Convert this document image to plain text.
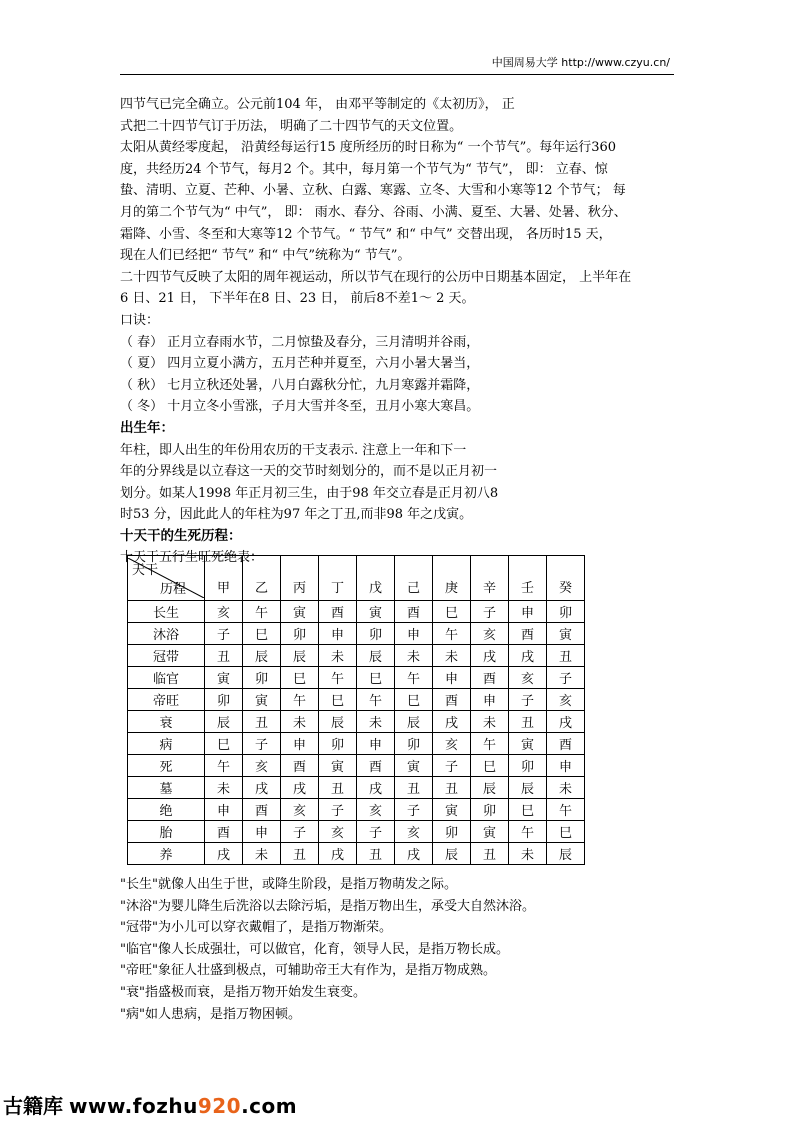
中国周易大学 http://www.czyu.cn/
四节气已完全确立。公元前104 年， 由邓平等制定的《太初历》， 正
式把二十四节气订于历法， 明确了二十四节气的天文位置。
太阳从黄经零度起， 沿黄经每运行15 度所经历的时日称为“ 一个节气”。每年运行360
度，共经历24 个节气，每月2 个。其中，每月第一个节气为“ 节气”， 即： 立春、惊
蛰、清明、立夏、芒种、小暑、立秋、白露、寒露、立冬、大雪和小寒等12 个节气； 每
月的第二个节气为“ 中气”， 即： 雨水、春分、谷雨、小满、夏至、大暑、处暑、秋分、
霜降、小雪、冬至和大寒等12 个节气。“ 节气” 和“ 中气” 交替出现， 各历时15 天，
现在人们已经把“ 节气” 和“ 中气”统称为“ 节气”。
二十四节气反映了太阳的周年视运动，所以节气在现行的公历中日期基本固定， 上半年在
6 日、21 日， 下半年在8 日、23 日， 前后8不差1～ 2 天。
口诀：
（ 春） 正月立春雨水节，二月惊蛰及春分，三月清明并谷雨，
（ 夏） 四月立夏小满方，五月芒种并夏至，六月小暑大暑当，
（ 秋） 七月立秋还处暑，八月白露秋分忙，九月寒露并霜降，
（ 冬） 十月立冬小雪涨，子月大雪并冬至，丑月小寒大寒昌。
出生年：
年柱，即人出生的年份用农历的干支表示. 注意上一年和下一
年的分界线是以立春这一天的交节时刻划分的，而不是以正月初一
划分。如某人1998 年正月初三生，由于98 年交立春是正月初八8
时53 分，因此此人的年柱为97 年之丁丑,而非98 年之戊寅。
十天干的生死历程：
十天干五行生旺死绝表：
天干
历程	甲	乙	丙	丁	戊	己	庚	辛	壬	癸
长生	亥	午	寅	酉	寅	酉	巳	子	申	卯
沐浴	子	巳	卯	申	卯	申	午	亥	酉	寅
冠带	丑	辰	辰	未	辰	未	未	戌	戌	丑
临官	寅	卯	巳	午	巳	午	申	酉	亥	子
帝旺	卯	寅	午	巳	午	巳	酉	申	子	亥
衰	辰	丑	未	辰	未	辰	戌	未	丑	戌
病	巳	子	申	卯	申	卯	亥	午	寅	酉
死	午	亥	酉	寅	酉	寅	子	巳	卯	申
墓	未	戌	戌	丑	戌	丑	丑	辰	辰	未
绝	申	酉	亥	子	亥	子	寅	卯	巳	午
胎	酉	申	子	亥	子	亥	卯	寅	午	巳
养	戌	未	丑	戌	丑	戌	辰	丑	未	辰
"长生"就像人出生于世，或降生阶段，是指万物萌发之际。
"沐浴"为婴儿降生后洗浴以去除污垢，是指万物出生，承受大自然沐浴。
"冠带"为小儿可以穿衣戴帽了，是指万物渐荣。
"临官"像人长成强壮，可以做官，化育，领导人民，是指万物长成。
"帝旺"象征人壮盛到极点，可辅助帝王大有作为，是指万物成熟。
"衰"指盛极而衰，是指万物开始发生衰变。
"病"如人患病，是指万物困顿。
古籍库 www.fozhu920.com
